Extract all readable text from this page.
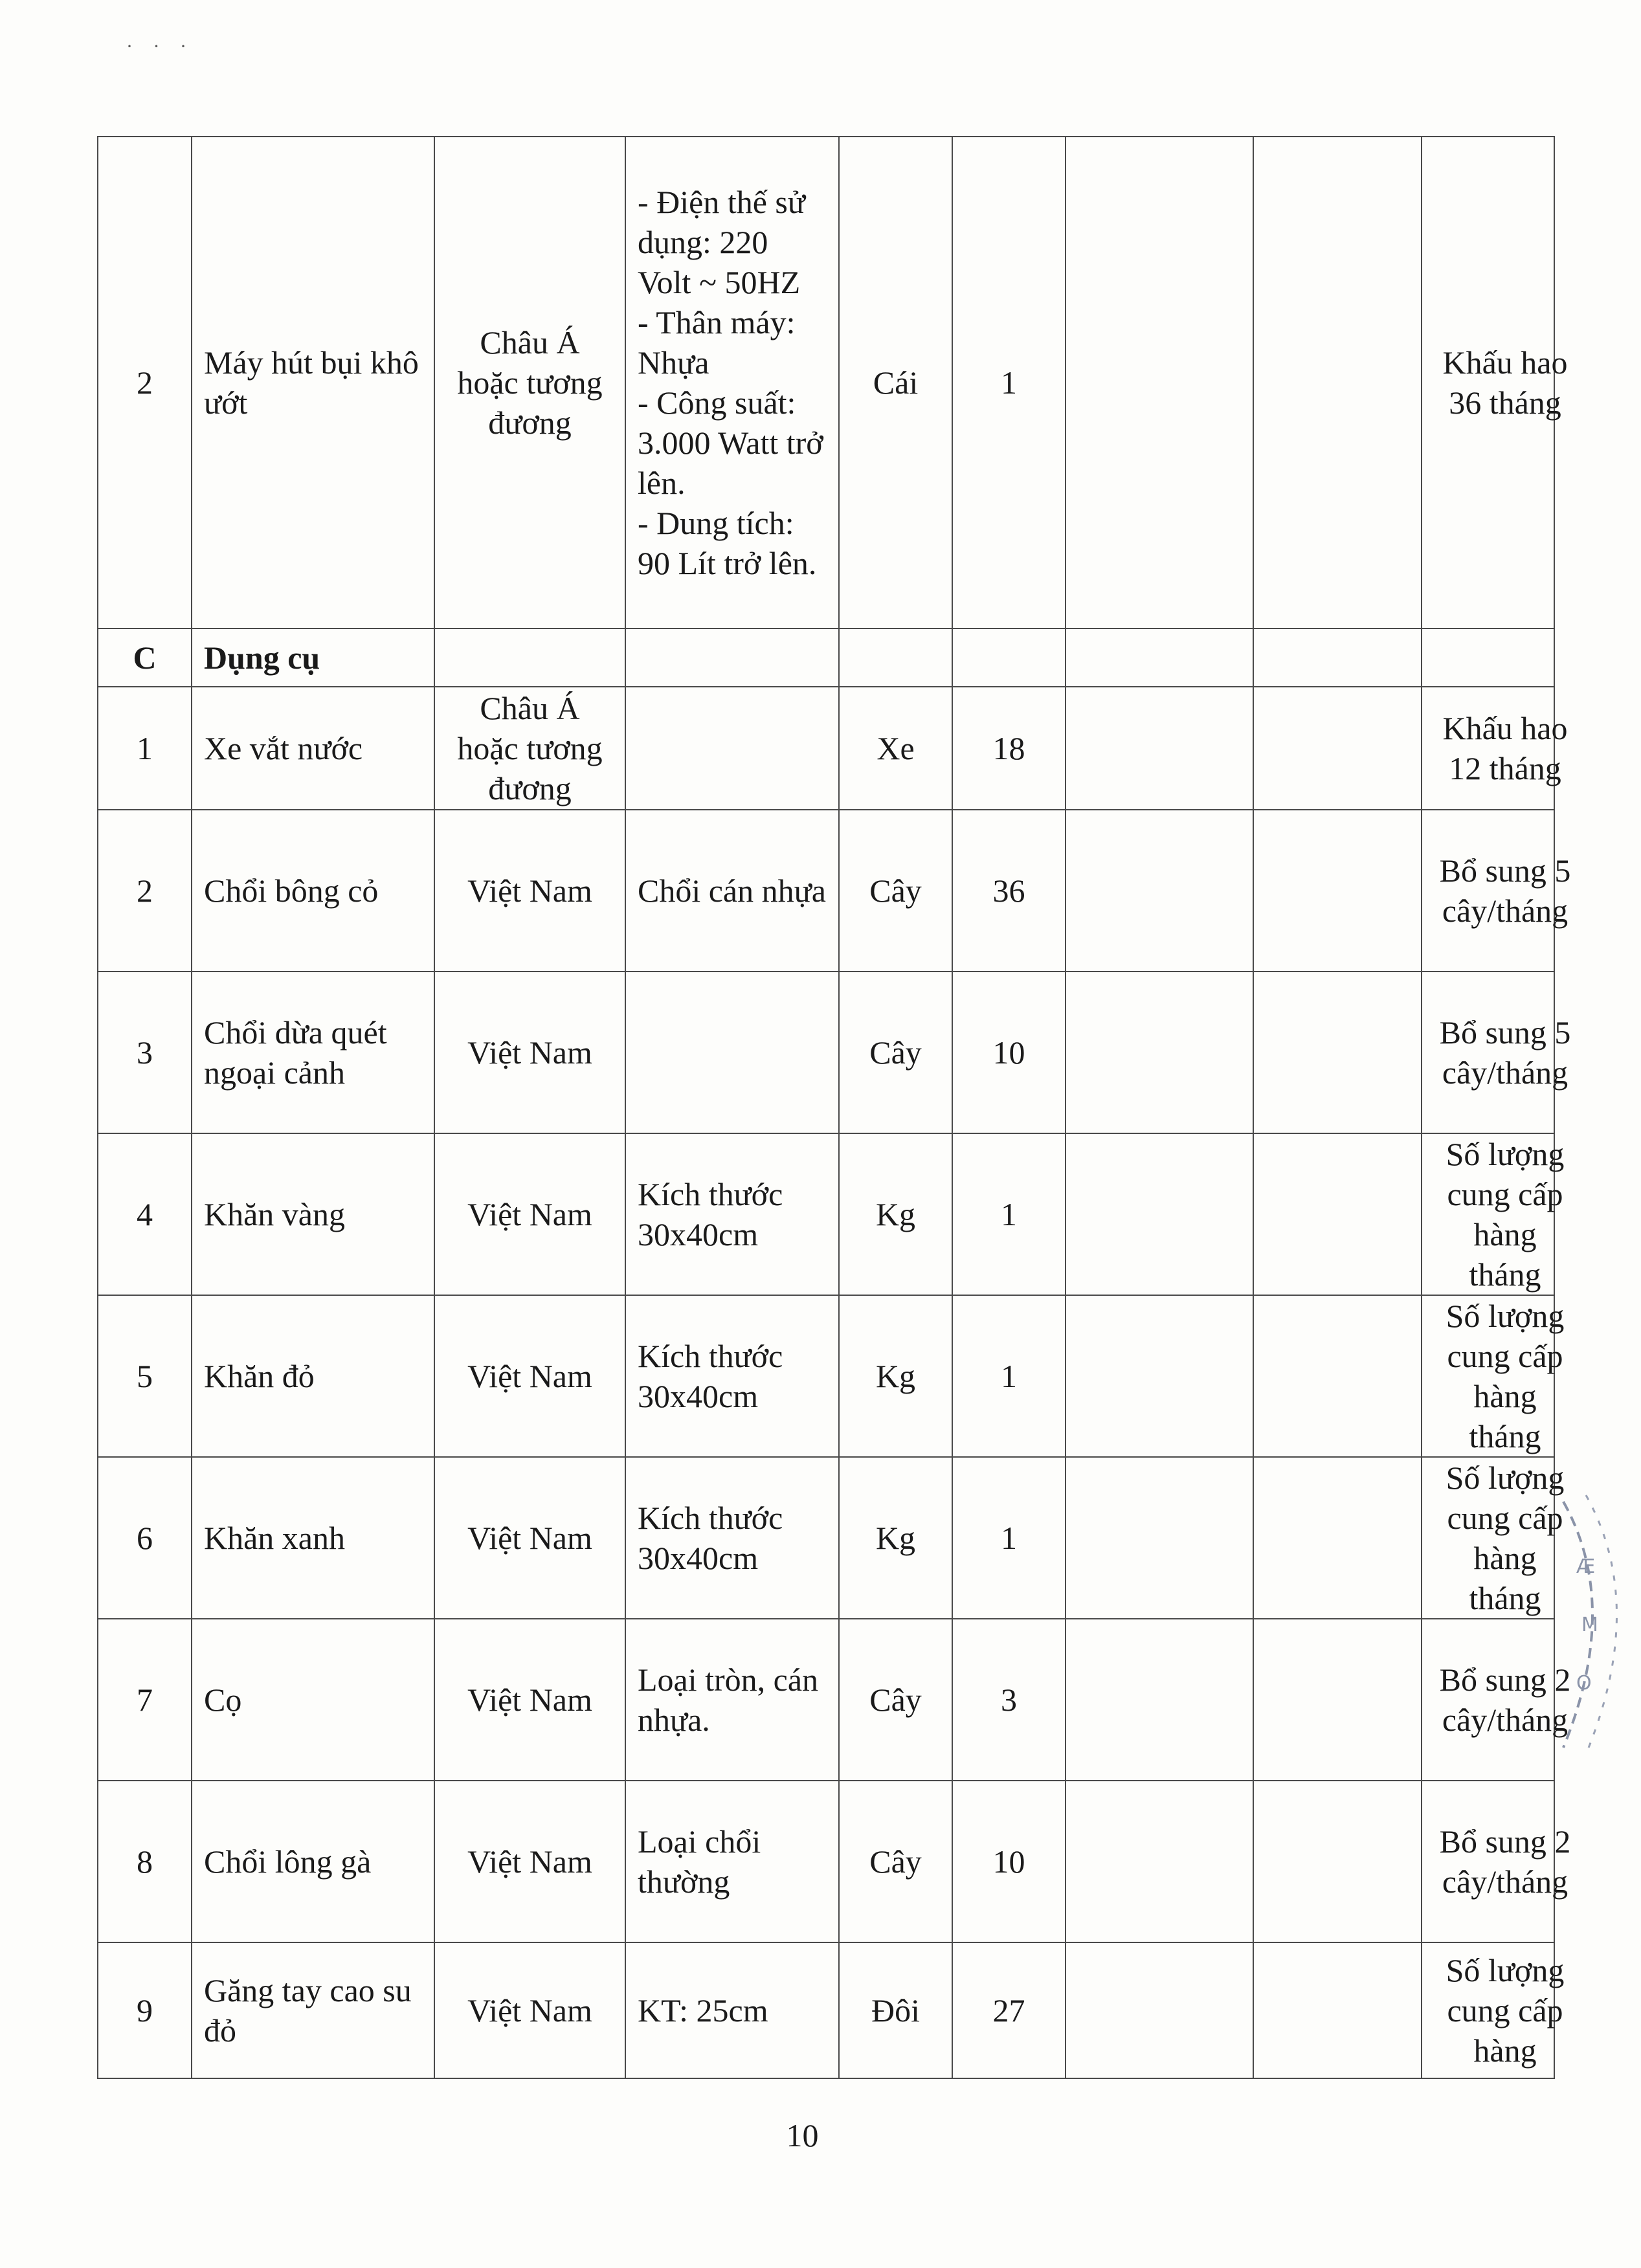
· · ·
2	Máy hút bụi khô ướt	Châu Á hoặc tương đương	- Điện thế sử dụng: 220 Volt ~ 50HZ
- Thân máy: Nhựa
- Công suất: 3.000 Watt trở lên.
- Dung tích: 90 Lít trở lên.	Cái	1			Khấu hao 36 tháng

C	Dụng cụ							
1	Xe vắt nước	Châu Á hoặc tương đương		Xe	18			Khấu hao 12 tháng

2	Chổi bông cỏ	Việt Nam	Chổi cán nhựa	Cây	36			Bổ sung 5 cây/tháng

3	Chổi dừa quét ngoại cảnh	Việt Nam		Cây	10			Bổ sung 5 cây/tháng

4	Khăn vàng	Việt Nam	Kích thước 30x40cm	Kg	1			Số lượng cung cấp hàng tháng

5	Khăn đỏ	Việt Nam	Kích thước 30x40cm	Kg	1			Số lượng cung cấp hàng tháng

6	Khăn xanh	Việt Nam	Kích thước 30x40cm	Kg	1			Số lượng cung cấp hàng tháng

7	Cọ	Việt Nam	Loại tròn, cán nhựa.	Cây	3			Bổ sung 2 cây/tháng

8	Chổi lông gà	Việt Nam	Loại chổi thường	Cây	10			Bổ sung 2 cây/tháng

9	Găng tay cao su đỏ	Việt Nam	KT: 25cm	Đôi	27			Số lượng cung cấp hàng
10
Ӕ
M
O
